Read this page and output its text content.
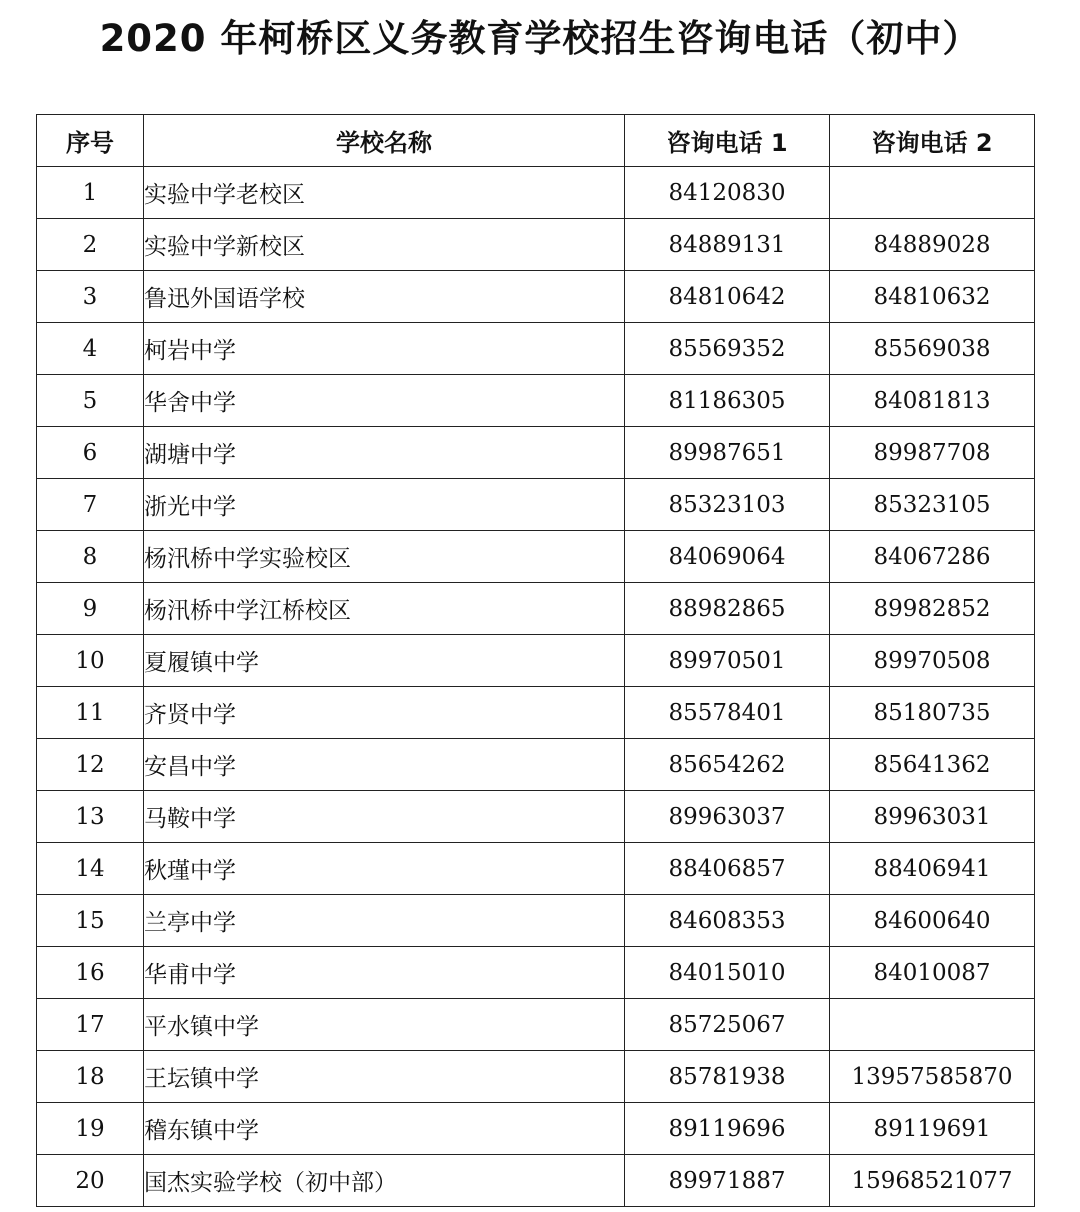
2020 年柯桥区义务教育学校招生咨询电话（初中）
序号	学校名称	咨询电话 1	咨询电话 2
1	实验中学老校区	84120830	
2	实验中学新校区	84889131	84889028
3	鲁迅外国语学校	84810642	84810632
4	柯岩中学	85569352	85569038
5	华舍中学	81186305	84081813
6	湖塘中学	89987651	89987708
7	浙光中学	85323103	85323105
8	杨汛桥中学实验校区	84069064	84067286
9	杨汛桥中学江桥校区	88982865	89982852
10	夏履镇中学	89970501	89970508
11	齐贤中学	85578401	85180735
12	安昌中学	85654262	85641362
13	马鞍中学	89963037	89963031
14	秋瑾中学	88406857	88406941
15	兰亭中学	84608353	84600640
16	华甫中学	84015010	84010087
17	平水镇中学	85725067	
18	王坛镇中学	85781938	13957585870
19	稽东镇中学	89119696	89119691
20	国杰实验学校（初中部）	89971887	15968521077
